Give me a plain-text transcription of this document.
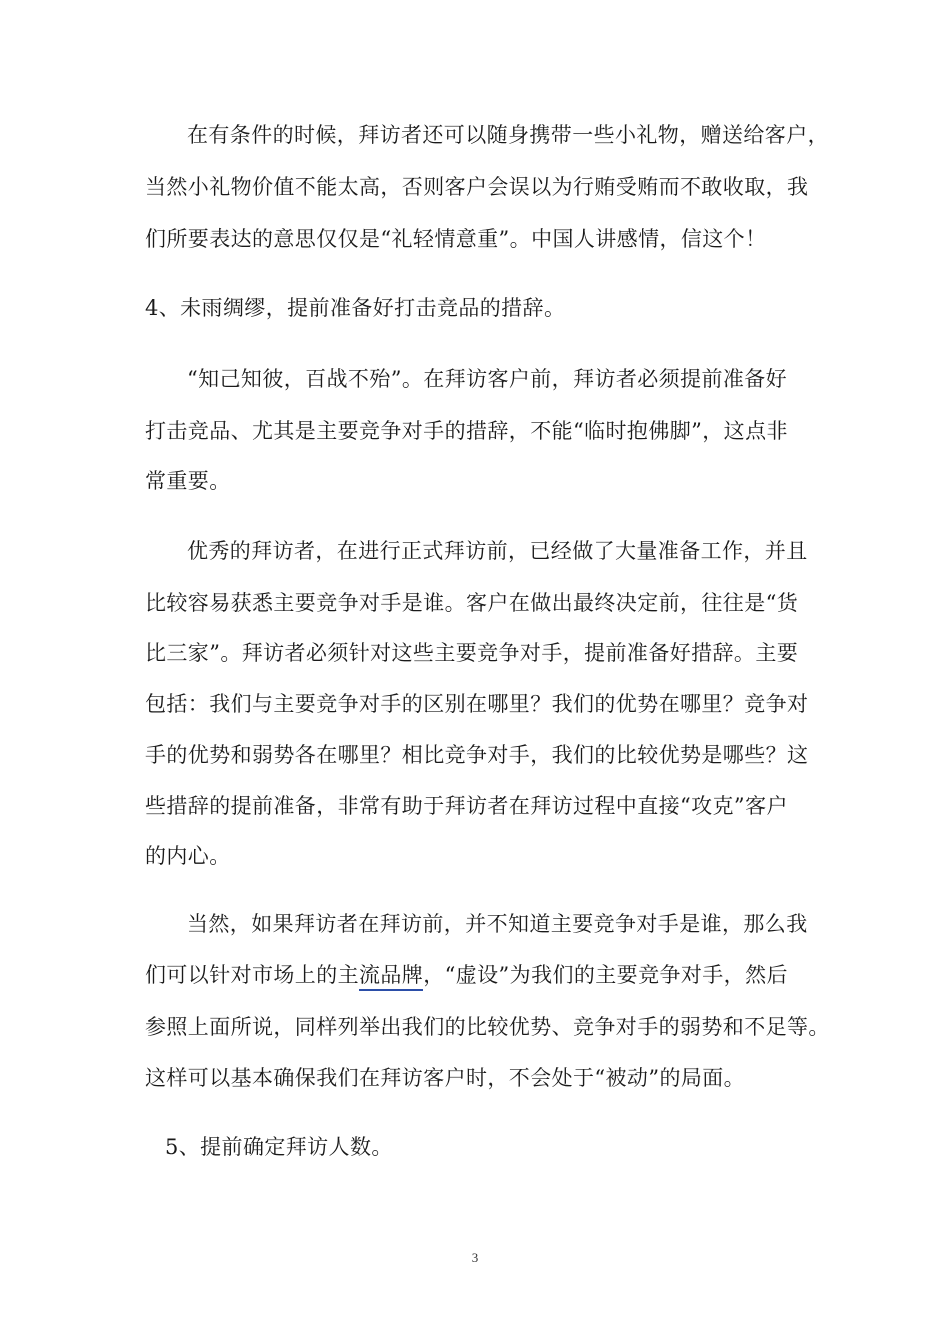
在有条件的时候，拜访者还可以随身携带一些小礼物，赠送给客户，
当然小礼物价值不能太高，否则客户会误以为行贿受贿而不敢收取，我
们所要表达的意思仅仅是“礼轻情意重”。中国人讲感情，信这个！
4、未雨绸缪，提前准备好打击竞品的措辞。
“知己知彼，百战不殆”。在拜访客户前，拜访者必须提前准备好
打击竞品、尤其是主要竞争对手的措辞，不能“临时抱佛脚”，这点非
常重要。
优秀的拜访者，在进行正式拜访前，已经做了大量准备工作，并且
比较容易获悉主要竞争对手是谁。客户在做出最终决定前，往往是“货
比三家”。拜访者必须针对这些主要竞争对手，提前准备好措辞。主要
包括：我们与主要竞争对手的区别在哪里？我们的优势在哪里？竞争对
手的优势和弱势各在哪里？相比竞争对手，我们的比较优势是哪些？这
些措辞的提前准备，非常有助于拜访者在拜访过程中直接“攻克”客户
的内心。
当然，如果拜访者在拜访前，并不知道主要竞争对手是谁，那么我
们可以针对市场上的主流品牌，“虚设”为我们的主要竞争对手，然后
参照上面所说，同样列举出我们的比较优势、竞争对手的弱势和不足等。
这样可以基本确保我们在拜访客户时，不会处于“被动”的局面。
5、提前确定拜访人数。
3
